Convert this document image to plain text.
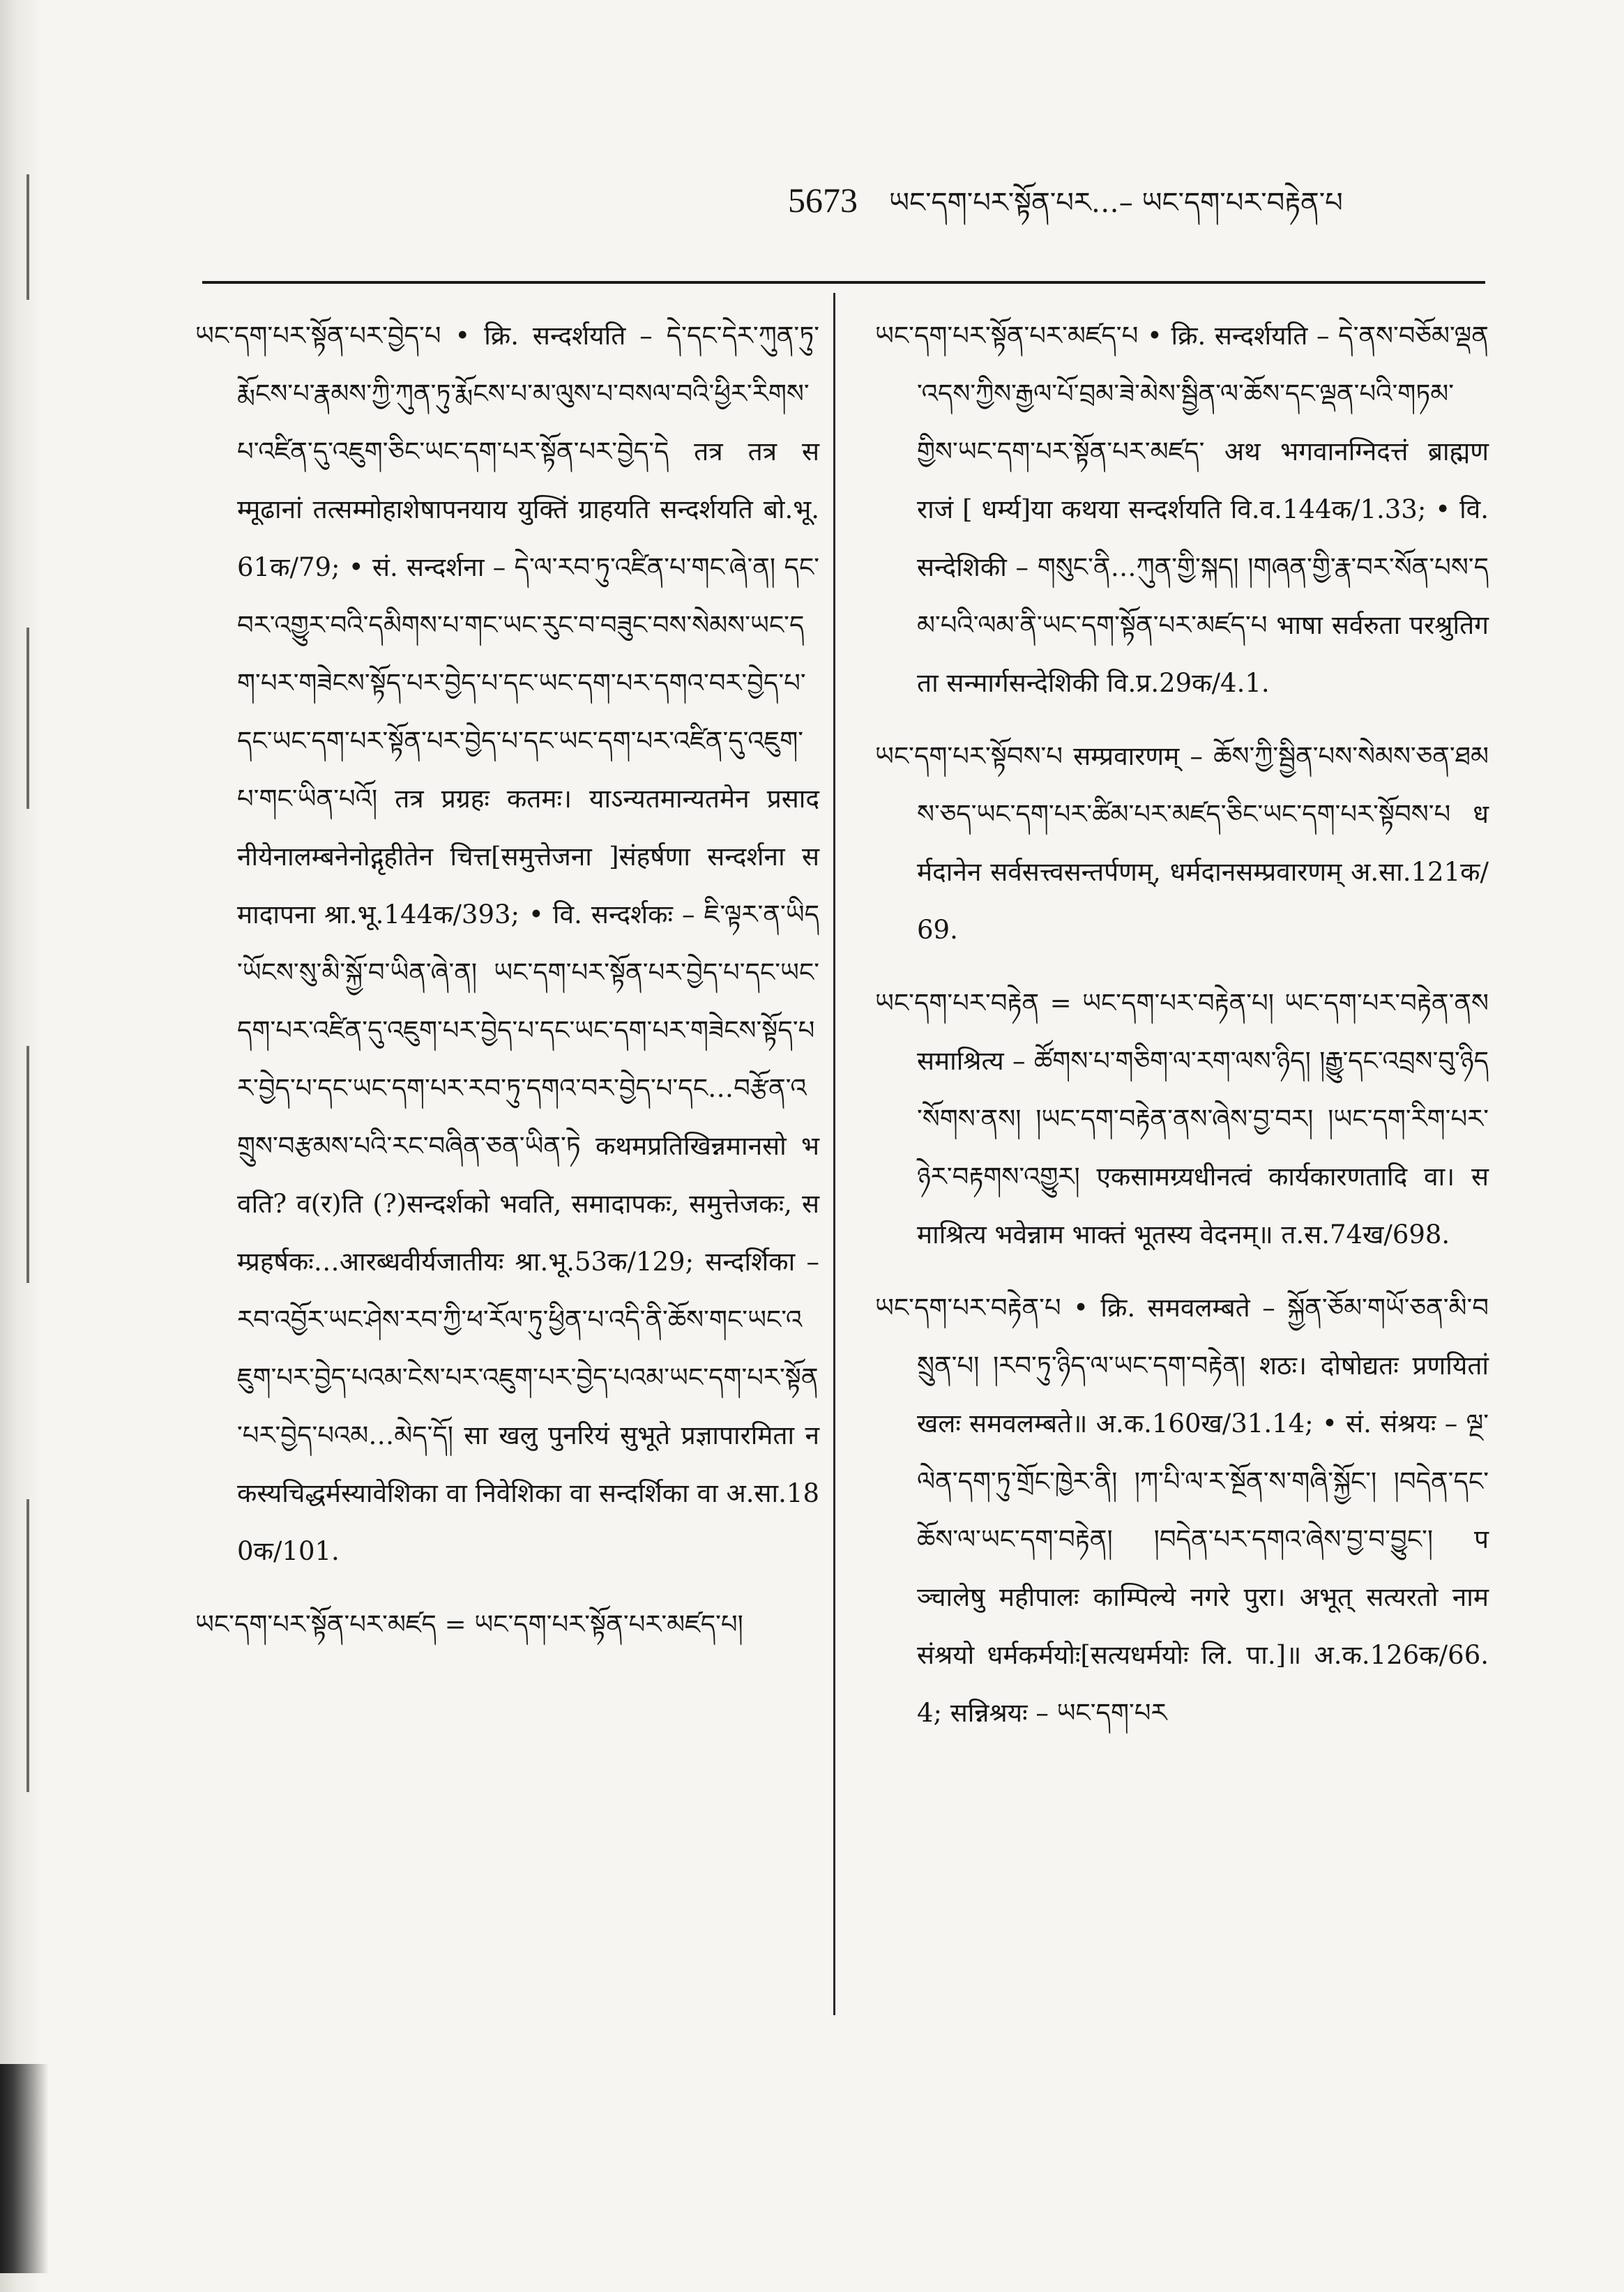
5673 ཡང་དག་པར་སྟོན་པར…– ཡང་དག་པར་བརྟེན་པ

ཡང་དག་པར་སྟོན་པར་བྱེད་པ • क्रि. सन्दर्शयति – དེ་དང་དེར་ཀུན་ཏུ་རྨོངས་པ་རྣམས་ཀྱི་ཀུན་ཏུ་རྨོངས་པ་མ་ལུས་པ་བསལ་བའི་ཕྱིར་རིགས་པ་འཛིན་དུ་འཇུག་ཅིང་ཡང་དག་པར་སྟོན་པར་བྱེད་དེ तत्र तत्र सम्मूढानां तत्सम्मोहाशेषापनयाय युक्तिं ग्राहयति सन्दर्शयति बो.भू.61क/79; • सं. सन्दर्शना – དེ་ལ་རབ་ཏུ་འཛིན་པ་གང་ཞེ་ན། དང་བར་འགྱུར་བའི་དམིགས་པ་གང་ཡང་རུང་བ་བཟུང་བས་སེམས་ཡང་དག་པར་གཟེངས་སྟོད་པར་བྱེད་པ་དང་ཡང་དག་པར་དགའ་བར་བྱེད་པ་དང་ཡང་དག་པར་སྟོན་པར་བྱེད་པ་དང་ཡང་དག་པར་འཛིན་དུ་འཇུག་པ་གང་ཡིན་པའོ། तत्र प्रग्रहः कतमः। याऽन्यतमान्यतमेन प्रसादनीयेनालम्बनेनोद्गृहीतेन चित्त[समुत्तेजना ]संहर्षणा सन्दर्शना समादापना श्रा.भू.144क/393; • वि. सन्दर्शकः – ཇི་ལྟར་ན་ཡིད་ཡོངས་སུ་མི་སྐྱོ་བ་ཡིན་ཞེ་ན། ཡང་དག་པར་སྟོན་པར་བྱེད་པ་དང་ཡང་དག་པར་འཛིན་དུ་འཇུག་པར་བྱེད་པ་དང་ཡང་དག་པར་གཟེངས་སྟོད་པར་བྱེད་པ་དང་ཡང་དག་པར་རབ་ཏུ་དགའ་བར་བྱེད་པ་དང…བརྩོན་འགྲུས་བརྩམས་པའི་རང་བཞིན་ཅན་ཡིན་ཏེ कथमप्रतिखिन्नमानसो भवति? व(र)ति (?)सन्दर्शको भवति, समादापकः, समुत्तेजकः, सम्प्रहर्षकः…आरब्धवीर्यजातीयः श्रा.भू.53क/129; सन्दर्शिका – རབ་འབྱོར་ཡང་ཤེས་རབ་ཀྱི་ཕ་རོལ་ཏུ་ཕྱིན་པ་འདི་ནི་ཆོས་གང་ཡང་འཇུག་པར་བྱེད་པའམ་ངེས་པར་འཇུག་པར་བྱེད་པའམ་ཡང་དག་པར་སྟོན་པར་བྱེད་པའམ…མེད་དོ། सा खलु पुनरियं सुभूते प्रज्ञापारमिता न कस्यचिद्धर्मस्यावेशिका वा निवेशिका वा सन्दर्शिका वा अ.सा.180क/101.

ཡང་དག་པར་སྟོན་པར་མཛད = ཡང་དག་པར་སྟོན་པར་མཛད་པ།

ཡང་དག་པར་སྟོན་པར་མཛད་པ • क्रि. सन्दर्शयति – དེ་ནས་བཅོམ་ལྡན་འདས་ཀྱིས་རྒྱལ་པོ་བྲམ་ཟེ་མེས་སྦྱིན་ལ་ཆོས་དང་ལྡན་པའི་གཏམ་གྱིས་ཡང་དག་པར་སྟོན་པར་མཛད་ अथ भगवानग्निदत्तं ब्राह्मणराजं [ धर्म्य]या कथया सन्दर्शयति वि.व.144क/1.33; • वि. सन्देशिकी – གསུང་ནི…ཀུན་གྱི་སྐད། །གཞན་གྱི་རྣ་བར་སོན་པས་དམ་པའི་ལམ་ནི་ཡང་དག་སྟོན་པར་མཛད་པ भाषा सर्वरुता परश्रुतिगता सन्मार्गसन्देशिकी वि.प्र.29क/4.1.

ཡང་དག་པར་སྟོབས་པ सम्प्रवारणम् – ཆོས་ཀྱི་སྦྱིན་པས་སེམས་ཅན་ཐམས་ཅད་ཡང་དག་པར་ཚིམ་པར་མཛད་ཅིང་ཡང་དག་པར་སྟོབས་པ धर्मदानेन सर्वसत्त्वसन्तर्पणम्, धर्मदानसम्प्रवारणम् अ.सा.121क/69.

ཡང་དག་པར་བརྟེན = ཡང་དག་པར་བརྟེན་པ། ཡང་དག་པར་བརྟེན་ནས समाश्रित्य – ཚོགས་པ་གཅིག་ལ་རག་ལས་ཉིད། །རྒྱུ་དང་འབྲས་བུ་ཉིད་སོགས་ནས། །ཡང་དག་བརྟེན་ནས་ཞེས་བྱ་བར། །ཡང་དག་རིག་པར་ཉེར་བརྟགས་འགྱུར། एकसामग्र्यधीनत्वं कार्यकारणतादि वा। समाश्रित्य भवेन्नाम भाक्तं भूतस्य वेदनम्॥ त.स.74ख/698.

ཡང་དག་པར་བརྟེན་པ • क्रि. समवलम्बते – སྐྱོན་ཅོམ་གཡོ་ཅན་མི་བསྲུན་པ། །རབ་ཏུ་ཉིད་ལ་ཡང་དག་བརྟེན། शठः। दोषोद्यतः प्रणयितां खलः समवलम्बते॥ अ.क.160ख/31.14; • सं. संश्रयः – ལྔ་ལེན་དག་ཏུ་གྲོང་ཁྱེར་ནི། །ཀ་པི་ལ་ར་སྔོན་ས་གཞི་སྐྱོང་། །བདེན་དང་ཆོས་ལ་ཡང་དག་བརྟེན། །བདེན་པར་དགའ་ཞེས་བྱ་བ་བྱུང་། पञ्चालेषु महीपालः काम्पिल्ये नगरे पुरा। अभूत् सत्यरतो नाम संश्रयो धर्मकर्मयोः[सत्यधर्मयोः लि. पा.]॥ अ.क.126क/66.4; सन्निश्रयः – ཡང་དག་པར
